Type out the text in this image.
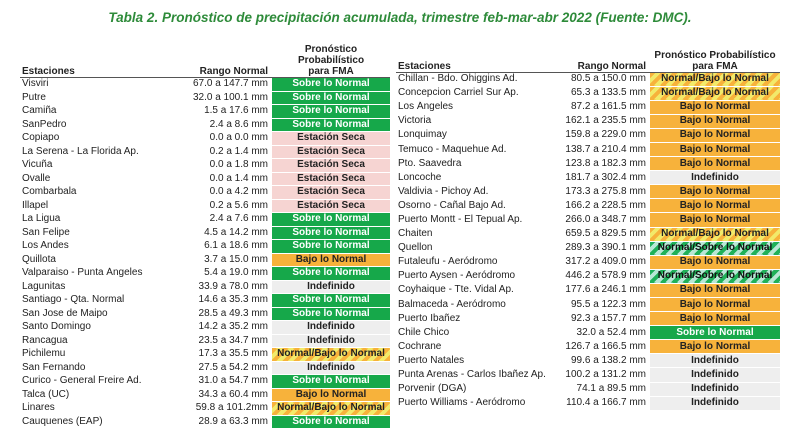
Tabla 2. Pronóstico de precipitación acumulada, trimestre feb-mar-abr 2022 (Fuente: DMC).
Estaciones	Rango Normal	Pronóstico Probabilístico
para FMA
Visviri	67.0 a 147.7 mm	Sobre lo Normal
Putre	32.0 a 100.1 mm	Sobre lo Normal
Camiña	1.5 a 17.6 mm	Sobre lo Normal
SanPedro	2.4 a 8.6 mm	Sobre lo Normal
Copiapo	0.0 a 0.0 mm	Estación Seca
La Serena - La Florida Ap.	0.2 a 1.4 mm	Estación Seca
Vicuña	0.0 a 1.8 mm	Estación Seca
Ovalle	0.0 a 1.4 mm	Estación Seca
Combarbala	0.0 a 4.2 mm	Estación Seca
Illapel	0.2 a 5.6 mm	Estación Seca
La Ligua	2.4 a 7.6 mm	Sobre lo Normal
San Felipe	4.5 a 14.2 mm	Sobre lo Normal
Los Andes	6.1 a 18.6 mm	Sobre lo Normal
Quillota	3.7 a 15.0 mm	Bajo lo Normal
Valparaiso - Punta Ángeles	5.4 a 19.0 mm	Sobre lo Normal
Lagunitas	33.9 a 78.0 mm	Indefinido
Santiago - Qta. Normal	14.6 a 35.3 mm	Sobre lo Normal
San Jose de Maipo	28.5 a 49.3 mm	Sobre lo Normal
Santo Domingo	14.2 a 35.2 mm	Indefinido
Rancagua	23.5 a 34.7 mm	Indefinido
Pichilemu	17.3 a 35.5 mm	Normal/Bajo lo Normal
San Fernando	27.5 a 54.2 mm	Indefinido
Curico - General Freire Ad.	31.0 a 54.7 mm	Sobre lo Normal
Talca (UC)	34.3 a 60.4 mm	Bajo lo Normal
Linares	59.8 a 101.2mm	Normal/Bajo lo Normal
Cauquenes (EAP)	28.9 a 63.3 mm	Sobre lo Normal
Estaciones	Rango Normal	Pronóstico Probabilístico
para FMA
Chillan - Bdo. Ohiggins Ad.	80.5 a 150.0 mm	Normal/Bajo lo Normal
Concepcion Carriel Sur Ap.	65.3 a 133.5 mm	Normal/Bajo lo Normal
Los Ángeles	87.2 a 161.5 mm	Bajo lo Normal
Victoria	162.1 a 235.5 mm	Bajo lo Normal
Lonquimay	159.8 a 229.0 mm	Bajo lo Normal
Temuco - Maquehue Ad.	138.7 a 210.4 mm	Bajo lo Normal
Pto. Saavedra	123.8 a 182.3 mm	Bajo lo Normal
Loncoche	181.7 a 302.4 mm	Indefinido
Valdivia - Pichoy Ad.	173.3 a 275.8 mm	Bajo lo Normal
Osorno - Cañal Bajo Ad.	166.2 a 228.5 mm	Bajo lo Normal
Puerto Montt - El Tepual Ap.	266.0 a 348.7 mm	Bajo lo Normal
Chaiten	659.5 a 829.5 mm	Normal/Bajo lo Normal
Quellon	289.3 a 390.1 mm	Normal/Sobre lo Normal
Futaleufu - Aeródromo	317.2 a 409.0 mm	Bajo lo Normal
Puerto Aysen - Aeródromo	446.2 a 578.9 mm	Normal/Sobre lo Normal
Coyhaique - Tte. Vidal Ap.	177.6 a 246.1 mm	Bajo lo Normal
Balmaceda - Aeródromo	95.5 a 122.3 mm	Bajo lo Normal
Puerto Ibañez	92.3 a 157.7 mm	Bajo lo Normal
Chile Chico	32.0 a 52.4 mm	Sobre lo Normal
Cochrane	126.7 a 166.5 mm	Bajo lo Normal
Puerto Natales	99.6 a 138.2 mm	Indefinido
Punta Arenas - Carlos Ibañez Ap.	100.2 a 131.2 mm	Indefinido
Porvenir (DGA)	74.1 a 89.5 mm	Indefinido
Puerto Williams - Aeródromo	110.4 a 166.7 mm	Indefinido
